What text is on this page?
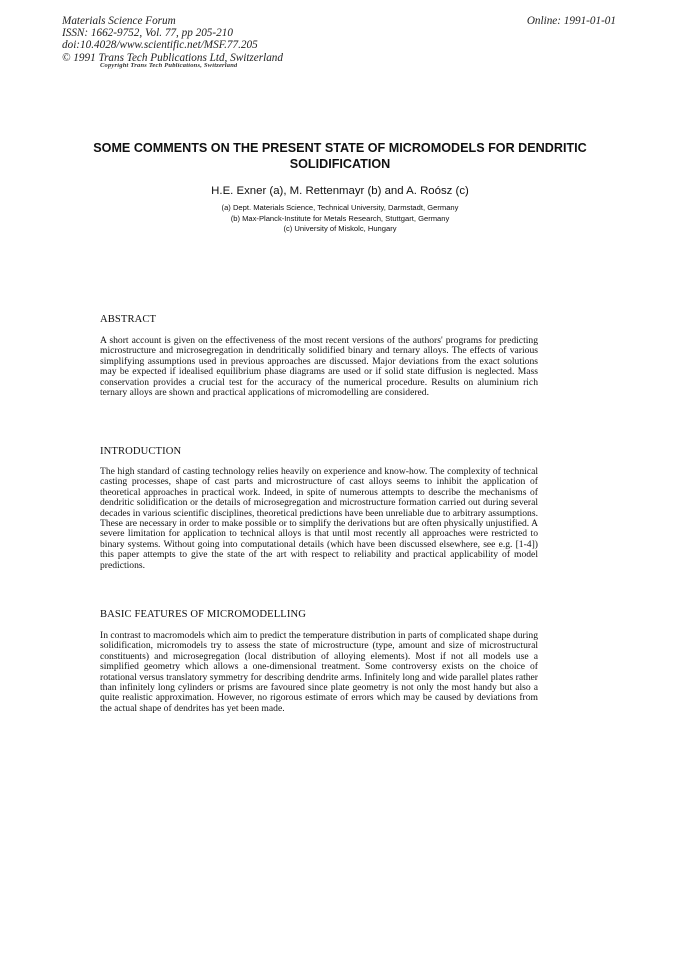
Materials Science Forum
ISSN: 1662-9752, Vol. 77, pp 205-210
doi:10.4028/www.scientific.net/MSF.77.205
© 1991 Trans Tech Publications Ltd, Switzerland
Online: 1991-01-01
Copyright Trans Tech Publications, Switzerland
SOME COMMENTS ON THE PRESENT STATE OF MICROMODELS FOR DENDRITIC SOLIDIFICATION
H.E. Exner (a), M. Rettenmayr (b) and A. Roósz (c)
(a) Dept. Materials Science, Technical University, Darmstadt, Germany
(b) Max-Planck-Institute for Metals Research, Stuttgart, Germany
(c) University of Miskolc, Hungary
ABSTRACT
A short account is given on the effectiveness of the most recent versions of the authors' programs for predicting microstructure and microsegregation in dendritically solidified binary and ternary alloys. The effects of various simplifying assumptions used in previous approaches are discussed. Major deviations from the exact solutions may be expected if idealised equilibrium phase diagrams are used or if solid state diffusion is neglected. Mass conservation provides a crucial test for the accuracy of the numerical procedure. Results on aluminium rich ternary alloys are shown and practical applications of micromodelling are considered.
INTRODUCTION
The high standard of casting technology relies heavily on experience and know-how. The complexity of technical casting processes, shape of cast parts and microstructure of cast alloys seems to inhibit the application of theoretical approaches in practical work. Indeed, in spite of numerous attempts to describe the mechanisms of dendritic solidification or the details of microsegregation and microstructure formation carried out during several decades in various scientific disciplines, theoretical predictions have been unreliable due to arbitrary assumptions. These are necessary in order to make possible or to simplify the derivations but are often physically unjustified. A severe limitation for application to technical alloys is that until most recently all approaches were restricted to binary systems. Without going into computational details (which have been discussed elsewhere, see e.g. [1-4]) this paper attempts to give the state of the art with respect to reliability and practical applicability of model predictions.
BASIC FEATURES OF MICROMODELLING
In contrast to macromodels which aim to predict the temperature distribution in parts of complicated shape during solidification, micromodels try to assess the state of microstructure (type, amount and size of microstructural constituents) and microsegregation (local distribution of alloying elements). Most if not all models use a simplified geometry which allows a one-dimensional treatment. Some controversy exists on the choice of rotational versus translatory symmetry for describing dendrite arms. Infinitely long and wide parallel plates rather than infinitely long cylinders or prisms are favoured since plate geometry is not only the most handy but also a quite realistic approximation. However, no rigorous estimate of errors which may be caused by deviations from the actual shape of dendrites has yet been made.
